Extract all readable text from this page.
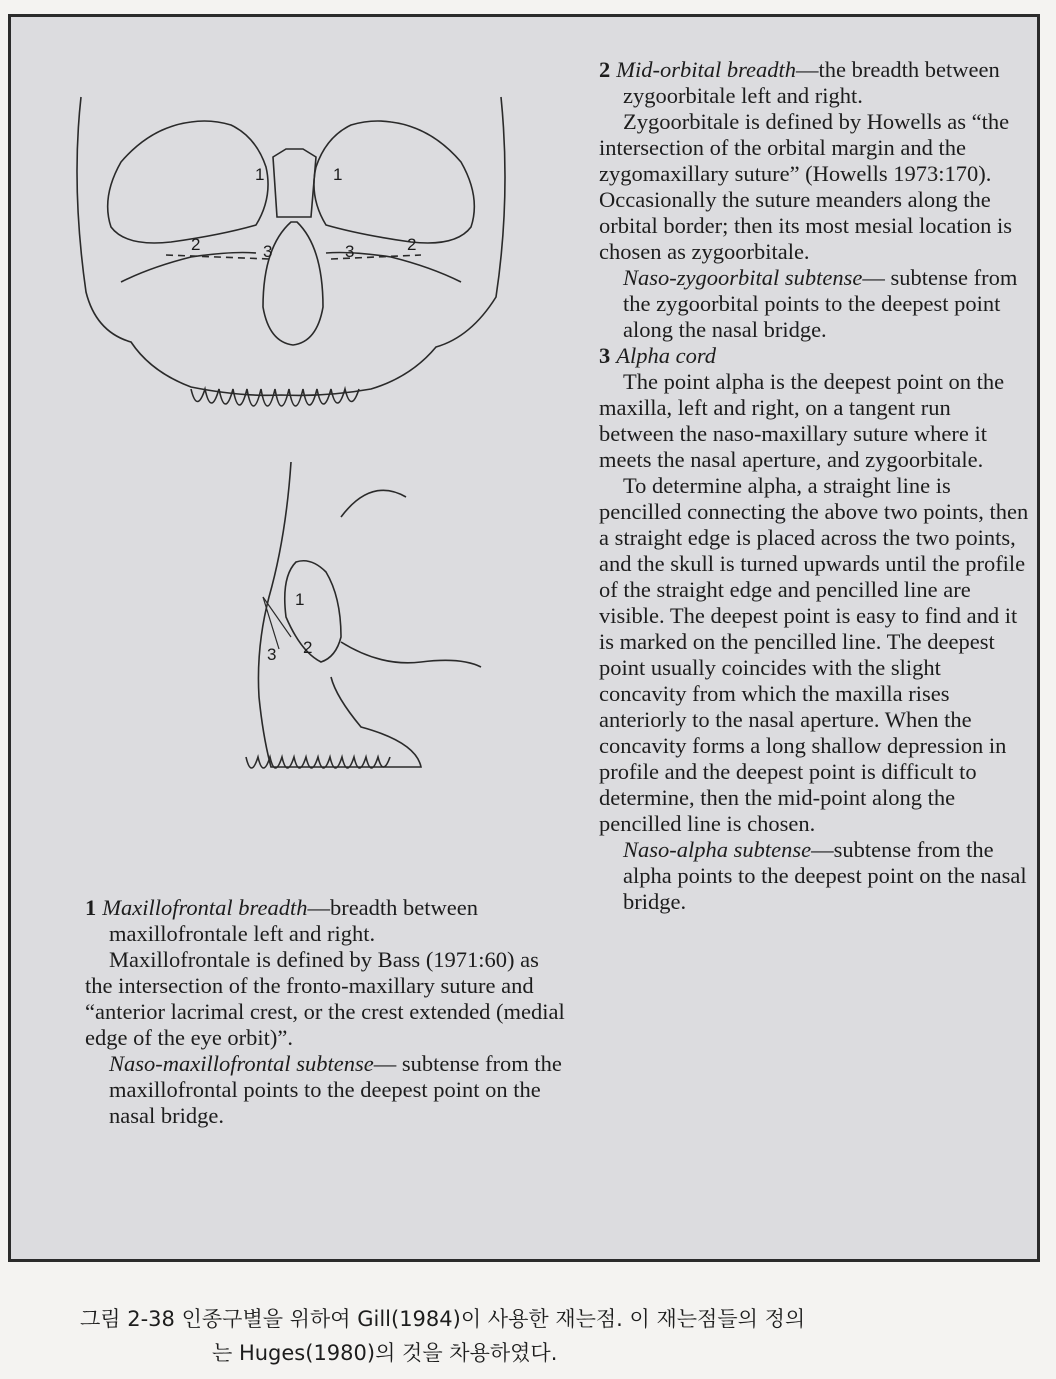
1	1
2	3	3	2
1
3 2

1 Maxillofrontal breadth—breadth between maxillofrontale left and right.

Maxillofrontale is defined by Bass (1971:60) as the intersection of the fronto-maxillary suture and “anterior lacrimal crest, or the crest extended (medial edge of the eye orbit)”.

Naso-maxillofrontal subtense— subtense from the maxillofrontal points to the deepest point on the nasal bridge.

2 Mid-orbital breadth—the breadth between zygoorbitale left and right.

Zygoorbitale is defined by Howells as “the intersection of the orbital margin and the zygomaxillary suture” (Howells 1973:170). Occasionally the suture meanders along the orbital border; then its most mesial location is chosen as zygoorbitale.

Naso-zygoorbital subtense— subtense from the zygoorbital points to the deepest point along the nasal bridge.

3 Alpha cord

The point alpha is the deepest point on the maxilla, left and right, on a tangent run between the naso-maxillary suture where it meets the nasal aperture, and zygoorbitale.

To determine alpha, a straight line is pencilled connecting the above two points, then a straight edge is placed across the two points, and the skull is turned upwards until the profile of the straight edge and pencilled line are visible. The deepest point is easy to find and it is marked on the pencilled line. The deepest point usually coincides with the slight concavity from which the maxilla rises anteriorly to the nasal aperture. When the concavity forms a long shallow depression in profile and the deepest point is difficult to determine, then the mid-point along the pencilled line is chosen.

Naso-alpha subtense—subtense from the alpha points to the deepest point on the nasal bridge.

그림 2-38 인종구별을 위하여 Gill(1984)이 사용한 재는점. 이 재는점들의 정의
는 Huges(1980)의 것을 차용하였다.
